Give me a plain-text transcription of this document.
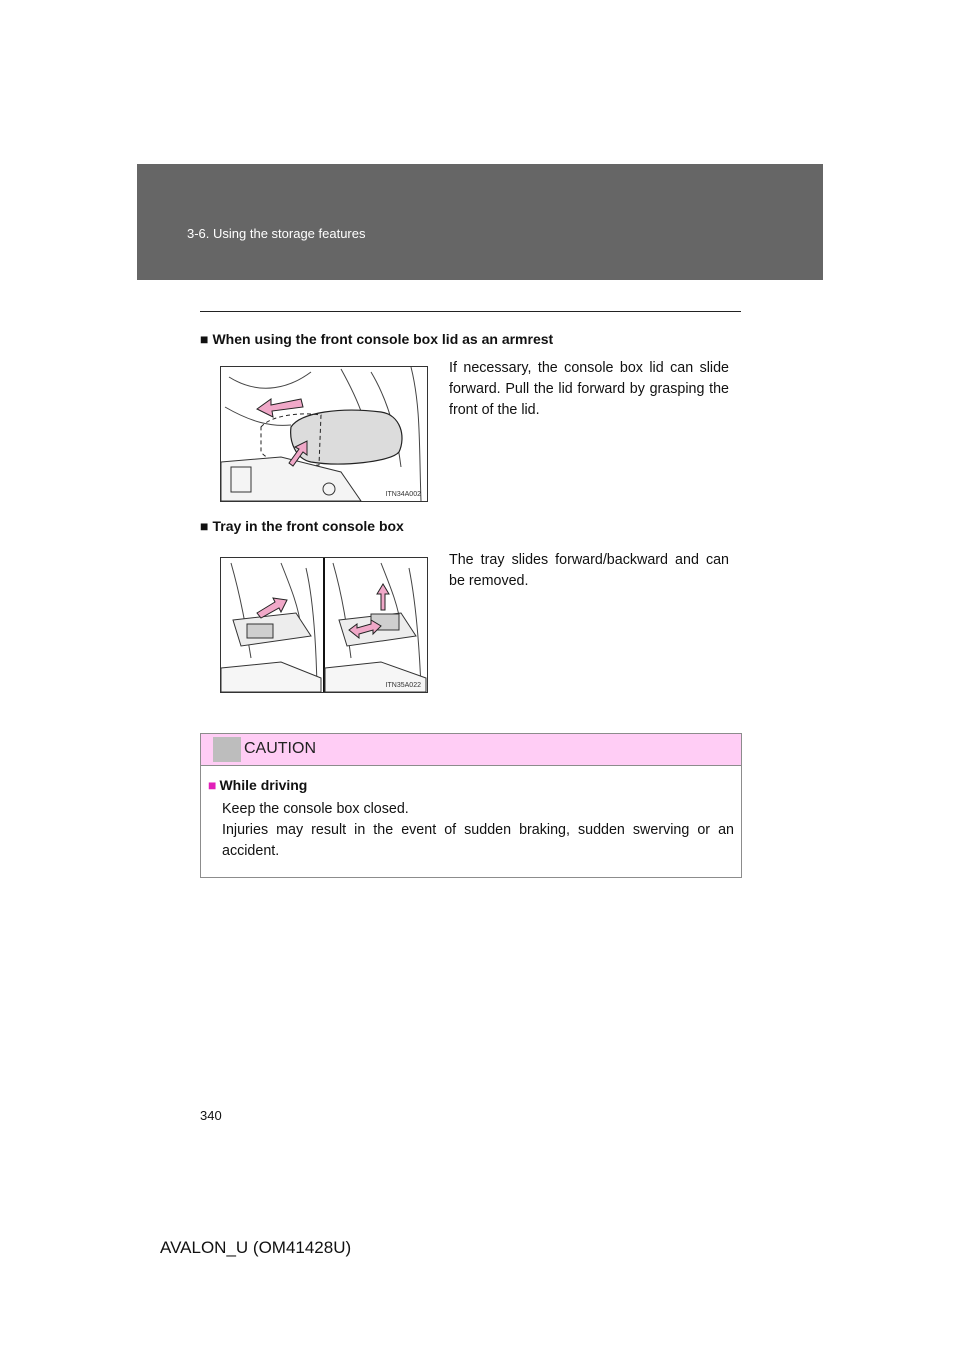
3-6. Using the storage features
■ When using the front console box lid as an armrest
ITN34A002
If necessary, the console box lid can slide forward. Pull the lid forward by grasping the front of the lid.
■ Tray in the front console box
ITN35A022
The tray slides forward/backward and can be removed.
CAUTION
■ While driving
Keep the console box closed.
Injuries may result in the event of sudden braking, sudden swerving or an accident.
340
AVALON_U (OM41428U)
